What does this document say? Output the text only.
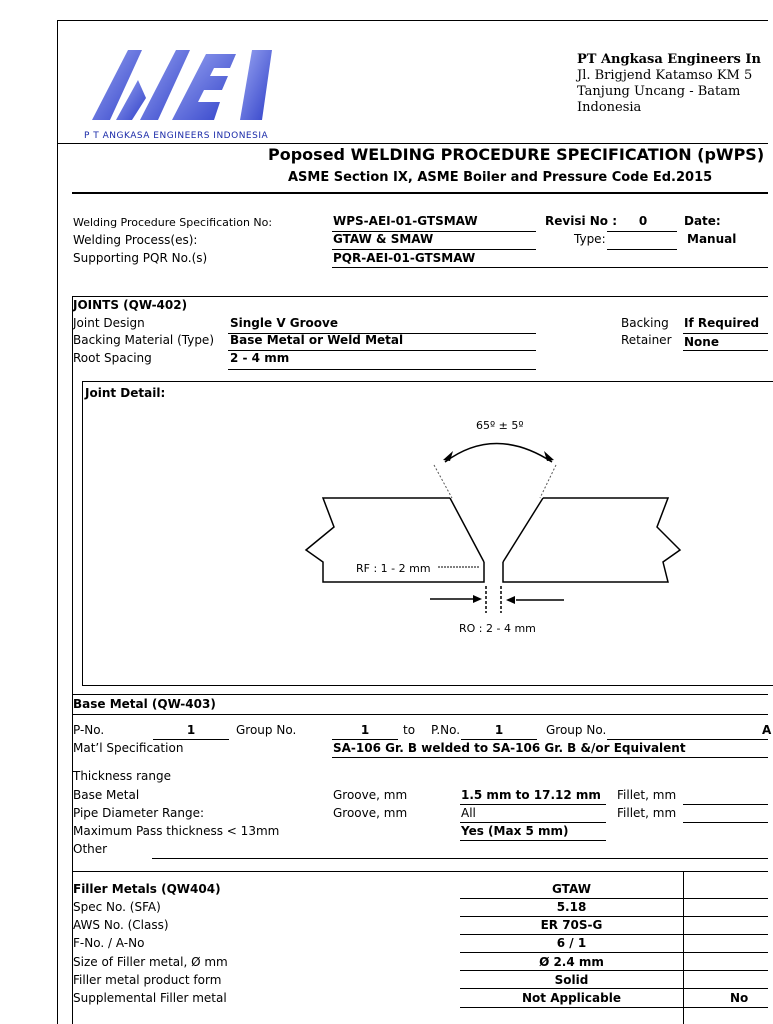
P T ANGKASA ENGINEERS INDONESIA
PT Angkasa Engineers In
Jl. Brigjend Katamso KM 5
Tanjung Uncang - Batam
Indonesia
Poposed WELDING PROCEDURE SPECIFICATION (pWPS)
ASME Section IX, ASME Boiler and Pressure Code Ed.2015
Welding Procedure Specification No:	WPS-AEI-01-GTSMAW	Revisi No :	0	Date:
Welding Process(es):	GTAW & SMAW	Type:	Manual
Supporting PQR No.(s)	PQR-AEI-01-GTSMAW
JOINTS (QW-402)
Joint Design	Single V Groove	Backing If Required
Backing Material (Type) Base Metal or Weld Metal	Retainer None
Root Spacing	2 - 4 mm
Joint Detail:
65º ± 5º
RF : 1 - 2 mm
RO : 2 - 4 mm
Base Metal (QW-403)
P-No.	1	Group No.	1	to P.No.	1	Group No.	A
Mat’l Specification	SA-106 Gr. B welded to SA-106 Gr. B &/or Equivalent
Thickness range
Base Metal	Groove, mm	1.5 mm to 17.12 mm Fillet, mm
Pipe Diameter Range:	Groove, mm	All	Fillet, mm
Maximum Pass thickness < 13mm	Yes (Max 5 mm)
Other
Filler Metals (QW404)	GTAW
Spec No. (SFA)	5.18
AWS No. (Class)	ER 70S-G
F-No. / A-No	6 / 1
Size of Filler metal, Ø mm	Ø 2.4 mm
Filler metal product form	Solid
Supplemental Filler metal	Not Applicable	No
